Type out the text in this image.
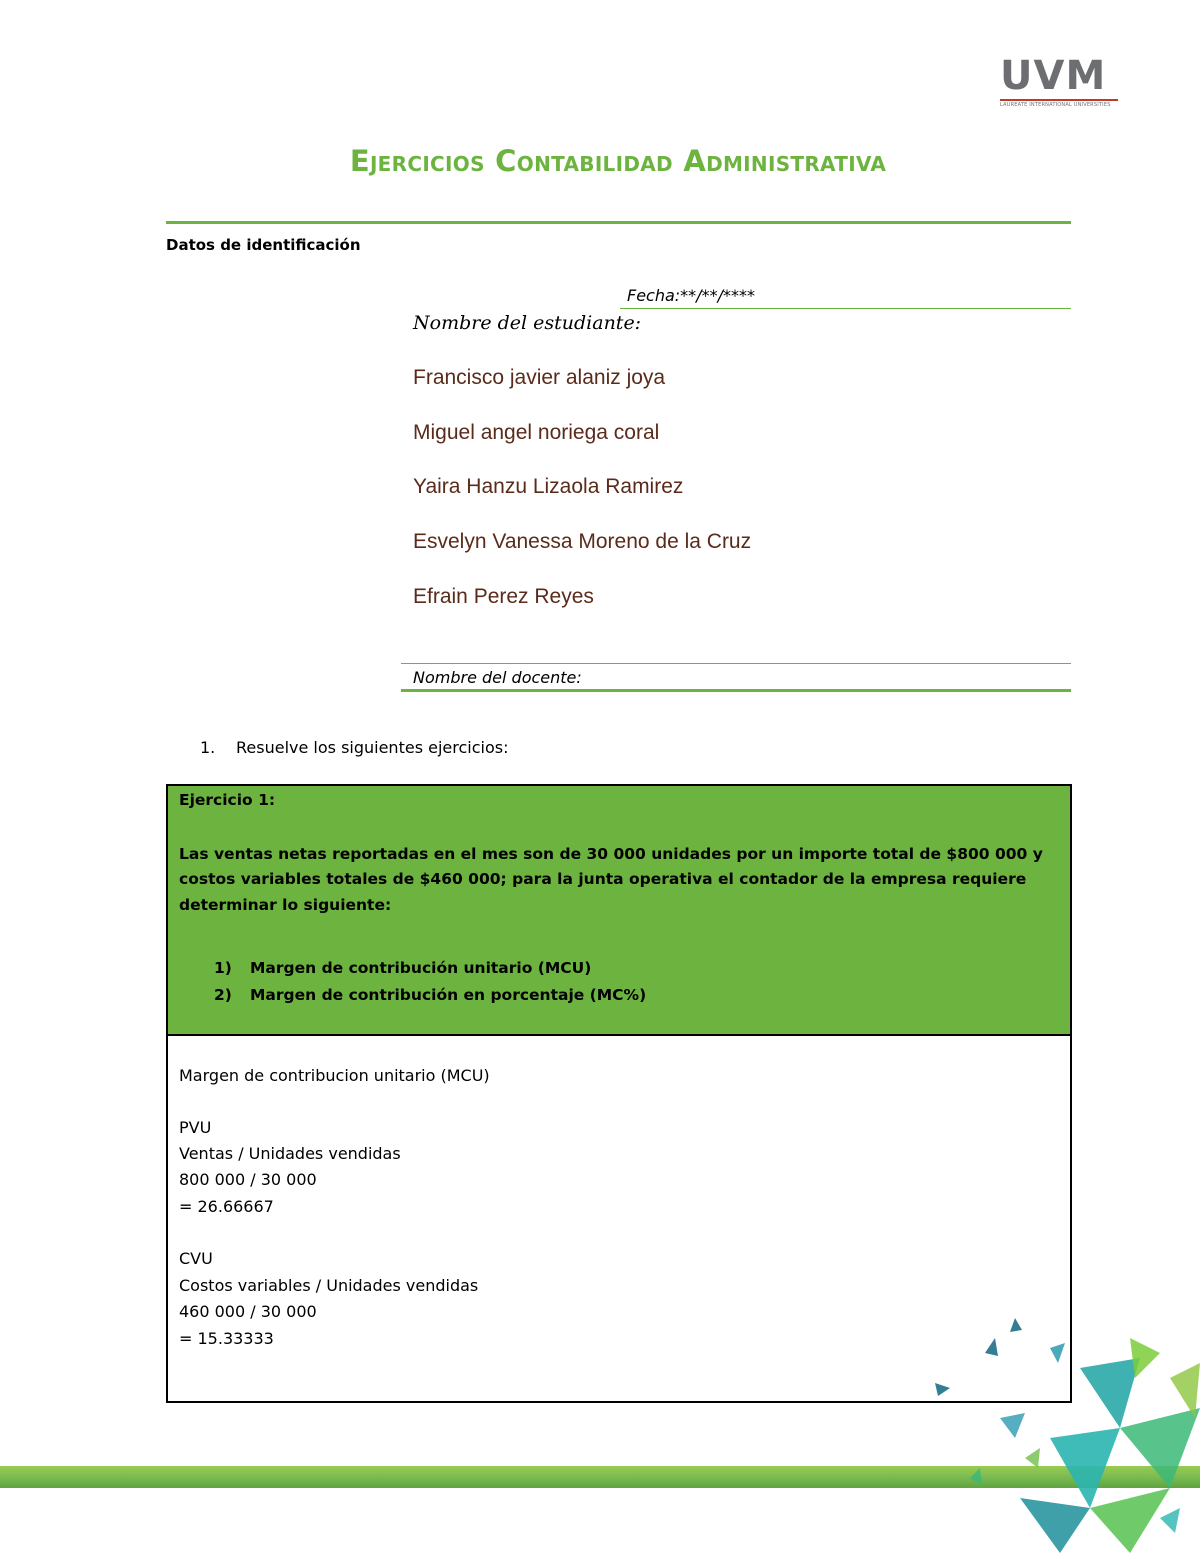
UVM
LAUREATE INTERNATIONAL UNIVERSITIES
Ejercicios Contabilidad Administrativa
Datos de identificación
Fecha:**/**/****
Nombre del estudiante:
Francisco javier alaniz joya
Miguel angel noriega coral
Yaira Hanzu Lizaola Ramirez
Esvelyn Vanessa Moreno de la Cruz
Efrain Perez Reyes
Nombre del docente:
1. Resuelve los siguientes ejercicios:
Ejercicio 1:
Las ventas netas reportadas en el mes son de 30 000 unidades por un importe total de $800 000 y
costos variables totales de $460 000; para la junta operativa el contador de la empresa requiere
determinar lo siguiente:
1) Margen de contribución unitario (MCU)
2) Margen de contribución en porcentaje (MC%)
Margen de contribucion unitario (MCU)
PVU
Ventas / Unidades vendidas
800 000 / 30 000
= 26.66667
CVU
Costos variables / Unidades vendidas
460 000 / 30 000
= 15.33333
